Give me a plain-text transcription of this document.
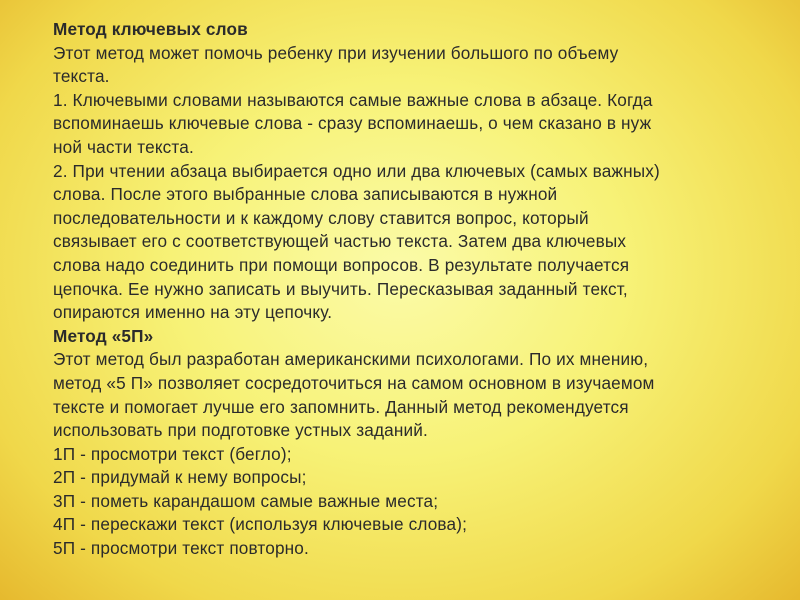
Метод ключевых слов
Этот метод может помочь ребенку при изучении большого по объему
текста.
1. Ключевыми словами называются самые важные слова в абзаце. Когда
вспоминаешь ключевые слова - сразу вспоминаешь, о чем сказано в нуж
ной части текста.
2. При чтении абзаца выбирается одно или два ключевых (самых важных)
слова. После этого выбранные слова записываются в нужной
последовательности и к каждому слову ставится вопрос, который
связывает его с соответствующей частью текста. Затем два ключевых
слова надо соединить при помощи вопросов. В результате получается
цепочка. Ее нужно записать и выучить. Пересказывая заданный текст,
опираются именно на эту цепочку.
Метод «5П»
Этот метод был разработан американскими психологами. По их мнению,
метод «5 П» позволяет сосредоточиться на самом основном в изучаемом
тексте и помогает лучше его запомнить. Данный метод рекомендуется
использовать при подготовке устных заданий.
1П - просмотри текст (бегло);
2П - придумай к нему вопросы;
3П - пометь карандашом самые важные места;
4П - перескажи текст (используя ключевые слова);
5П - просмотри текст повторно.
